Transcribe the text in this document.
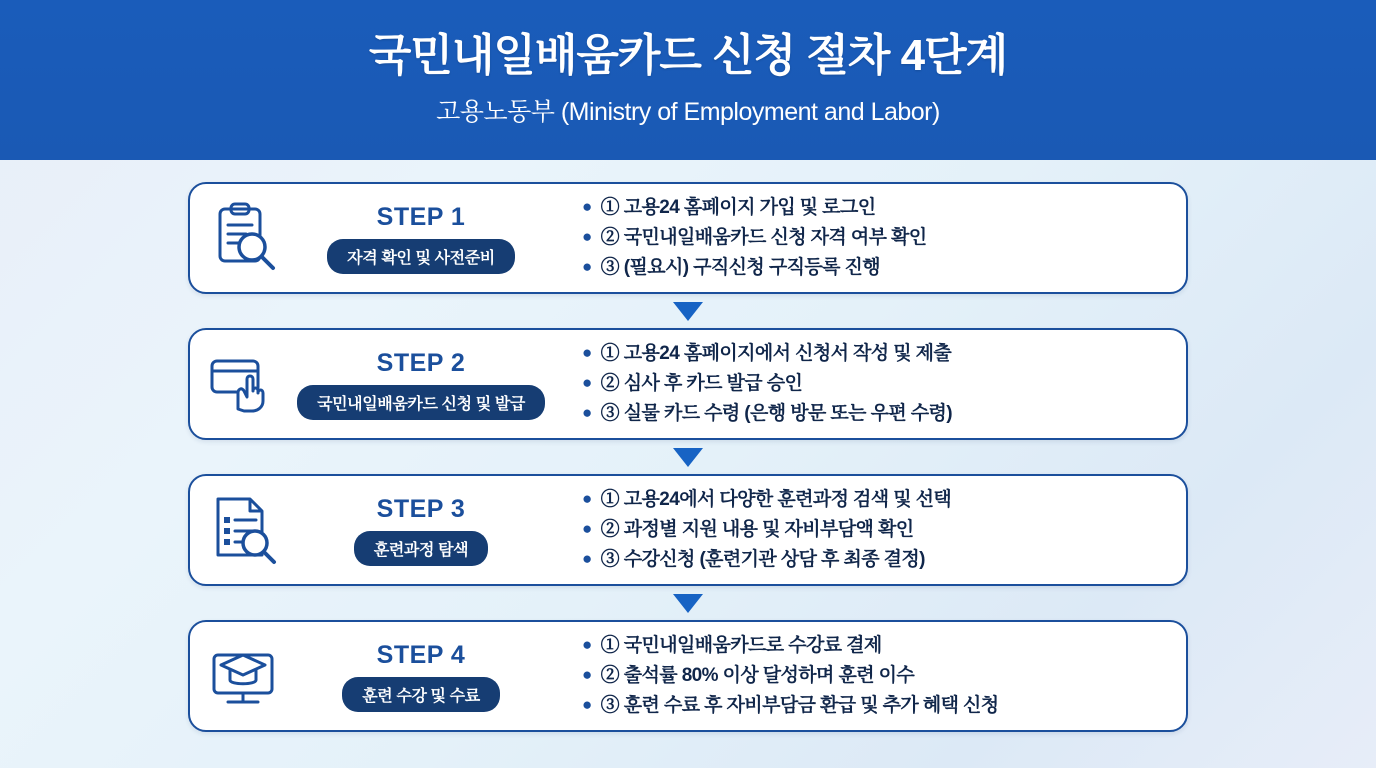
국민내일배움카드 신청 절차 4단계
고용노동부 (Ministry of Employment and Labor)
STEP 1
자격 확인 및 사전준비
● ① 고용24 홈페이지 가입 및 로그인
● ② 국민내일배움카드 신청 자격 여부 확인
● ③ (필요시) 구직신청 구직등록 진행
STEP 2
국민내일배움카드 신청 및 발급
● ① 고용24 홈페이지에서 신청서 작성 및 제출
● ② 심사 후 카드 발급 승인
● ③ 실물 카드 수령 (은행 방문 또는 우편 수령)
STEP 3
훈련과정 탐색
● ① 고용24에서 다양한 훈련과정 검색 및 선택
● ② 과정별 지원 내용 및 자비부담액 확인
● ③ 수강신청 (훈련기관 상담 후 최종 결정)
STEP 4
훈련 수강 및 수료
● ① 국민내일배움카드로 수강료 결제
● ② 출석률 80% 이상 달성하며 훈련 이수
● ③ 훈련 수료 후 자비부담금 환급 및 추가 혜택 신청
